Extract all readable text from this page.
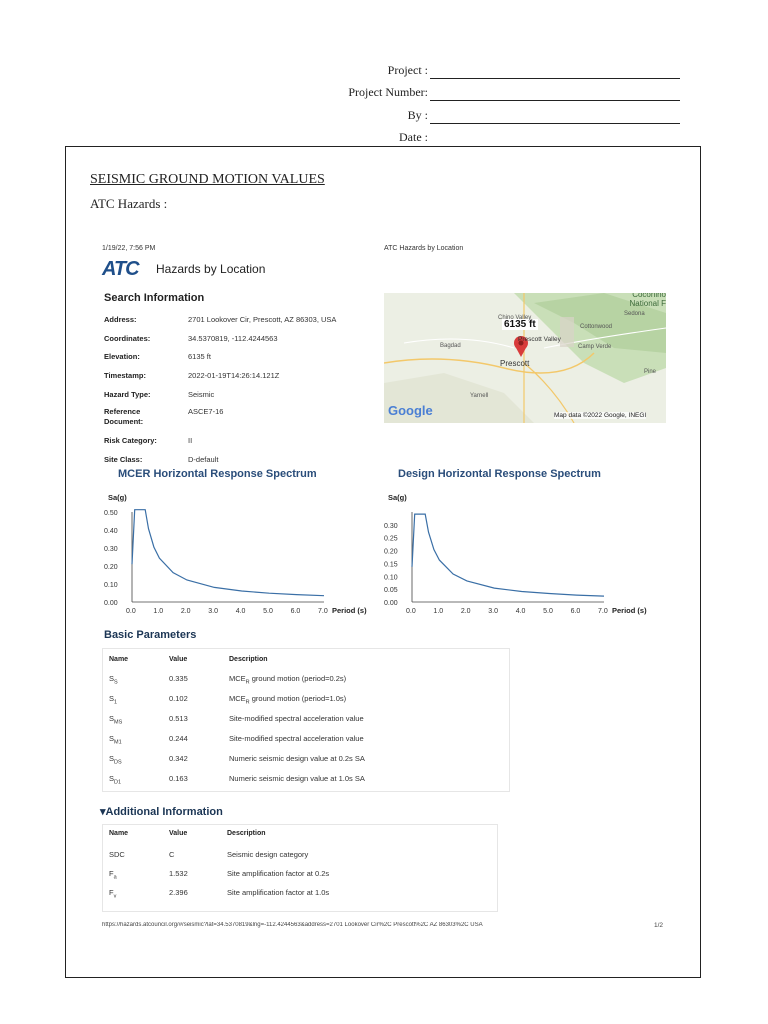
Project :
Project Number:
By :
Date :
SEISMIC GROUND MOTION VALUES
ATC Hazards :
1/19/22, 7:56 PM	ATC Hazards by Location
ATC Hazards by Location
Search Information
Address:	2701 Lookover Cir, Prescott, AZ 86303, USA
Coordinates:	34.5370819, -112.4244563
Elevation:	6135 ft
Timestamp:	2022-01-19T14:26:14.121Z
Hazard Type:	Seismic
Reference Document:
ASCE7-16
Risk Category:	II
Site Class:	D-default
6135 ft
Coconino National F
Sedona
Chino Valley
Cottonwood
Bagdad
Prescott Valley
Camp Verde
Prescott
Yarnell
Pine
Google	Map data ©2022 Google, INEGI
MCER Horizontal Response Spectrum	Design Horizontal Response Spectrum
Sa(g)
Period (s)
0.00
0.10
0.20
0.30
0.40
0.50
0.0	1.0	2.0	3.0	4.0	5.0	6.0	7.0
Sa(g)
Period (s)
0.00
0.05
0.10
0.15
0.20
0.25
0.30
0.0	1.0	2.0	3.0	4.0	5.0	6.0	7.0
Basic Parameters
Name	Value	Description
$S_S$	0.335	$MCE_R$ ground motion (period=0.2s)
$S_1$	0.102	$MCE_R$ ground motion (period=1.0s)
$S_{MS}$	0.513	Site-modified spectral acceleration value
$S_{M1}$	0.244	Site-modified spectral acceleration value
$S_{DS}$	0.342	Numeric seismic design value at 0.2s SA
$S_{D1}$	0.163	Numeric seismic design value at 1.0s SA
▾Additional Information
Name	Value	Description
SDC	C	Seismic design category
$F_a$	1.532	Site amplification factor at 0.2s
$F_v$	2.396	Site amplification factor at 1.0s
https://hazards.atcouncil.org/#/seismic?lat=34.5370819&lng=-112.4244563&address=2701 Lookover Cir%2C Prescott%2C AZ 86303%2C USA	1/2
